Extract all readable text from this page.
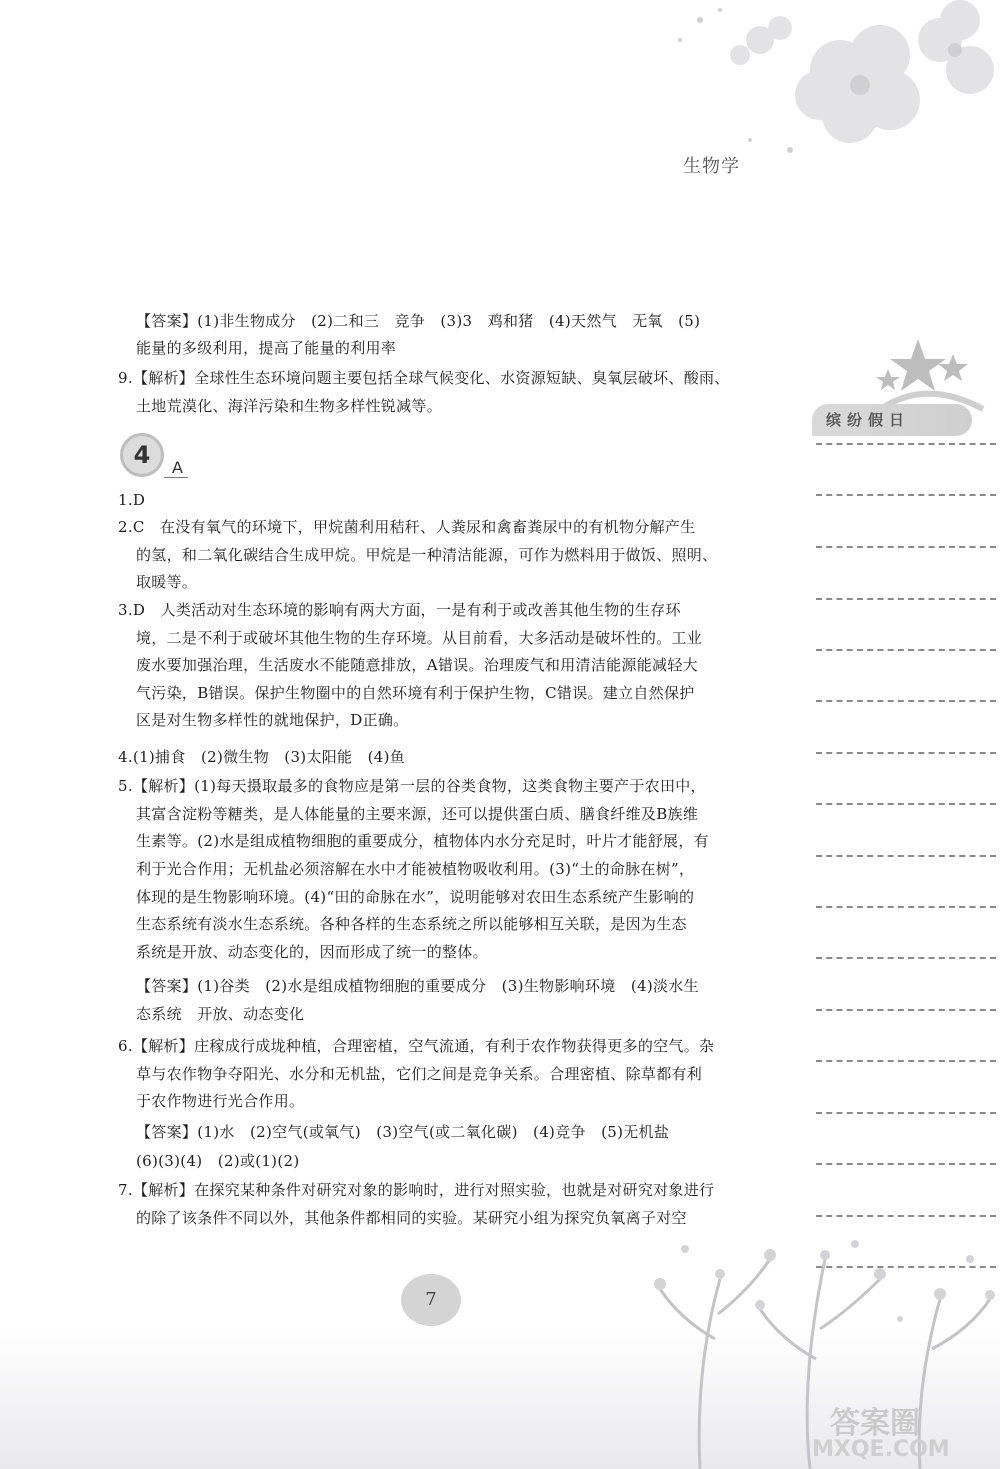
生物学
缤纷假日
4	A
【答案】(1)非生物成分　(2)二和三　竞争　(3)3　鸡和猪　(4)天然气　无氧　(5)
能量的多级利用，提高了能量的利用率
9.【解析】全球性生态环境问题主要包括全球气候变化、水资源短缺、臭氧层破坏、酸雨、
土地荒漠化、海洋污染和生物多样性锐减等。
1.D
2.C　在没有氧气的环境下，甲烷菌利用秸秆、人粪尿和禽畜粪尿中的有机物分解产生
的氢，和二氧化碳结合生成甲烷。甲烷是一种清洁能源，可作为燃料用于做饭、照明、
取暖等。
3.D　人类活动对生态环境的影响有两大方面，一是有利于或改善其他生物的生存环
境，二是不利于或破坏其他生物的生存环境。从目前看，大多活动是破坏性的。工业
废水要加强治理，生活废水不能随意排放，A错误。治理废气和用清洁能源能减轻大
气污染，B错误。保护生物圈中的自然环境有利于保护生物，C错误。建立自然保护
区是对生物多样性的就地保护，D正确。
4.(1)捕食　(2)微生物　(3)太阳能　(4)鱼
5.【解析】(1)每天摄取最多的食物应是第一层的谷类食物，这类食物主要产于农田中，
其富含淀粉等糖类，是人体能量的主要来源，还可以提供蛋白质、膳食纤维及B族维
生素等。(2)水是组成植物细胞的重要成分，植物体内水分充足时，叶片才能舒展，有
利于光合作用；无机盐必须溶解在水中才能被植物吸收利用。(3)“土的命脉在树”，
体现的是生物影响环境。(4)“田的命脉在水”，说明能够对农田生态系统产生影响的
生态系统有淡水生态系统。各种各样的生态系统之所以能够相互关联，是因为生态
系统是开放、动态变化的，因而形成了统一的整体。
【答案】(1)谷类　(2)水是组成植物细胞的重要成分　(3)生物影响环境　(4)淡水生
态系统　开放、动态变化
6.【解析】庄稼成行成垅种植，合理密植，空气流通，有利于农作物获得更多的空气。杂
草与农作物争夺阳光、水分和无机盐，它们之间是竞争关系。合理密植、除草都有利
于农作物进行光合作用。
【答案】(1)水　(2)空气(或氧气)　(3)空气(或二氧化碳)　(4)竞争　(5)无机盐
(6)(3)(4)　(2)或(1)(2)
7.【解析】在探究某种条件对研究对象的影响时，进行对照实验，也就是对研究对象进行
的除了该条件不同以外，其他条件都相同的实验。某研究小组为探究负氧离子对空
7
答案圈
MXQE.COM
